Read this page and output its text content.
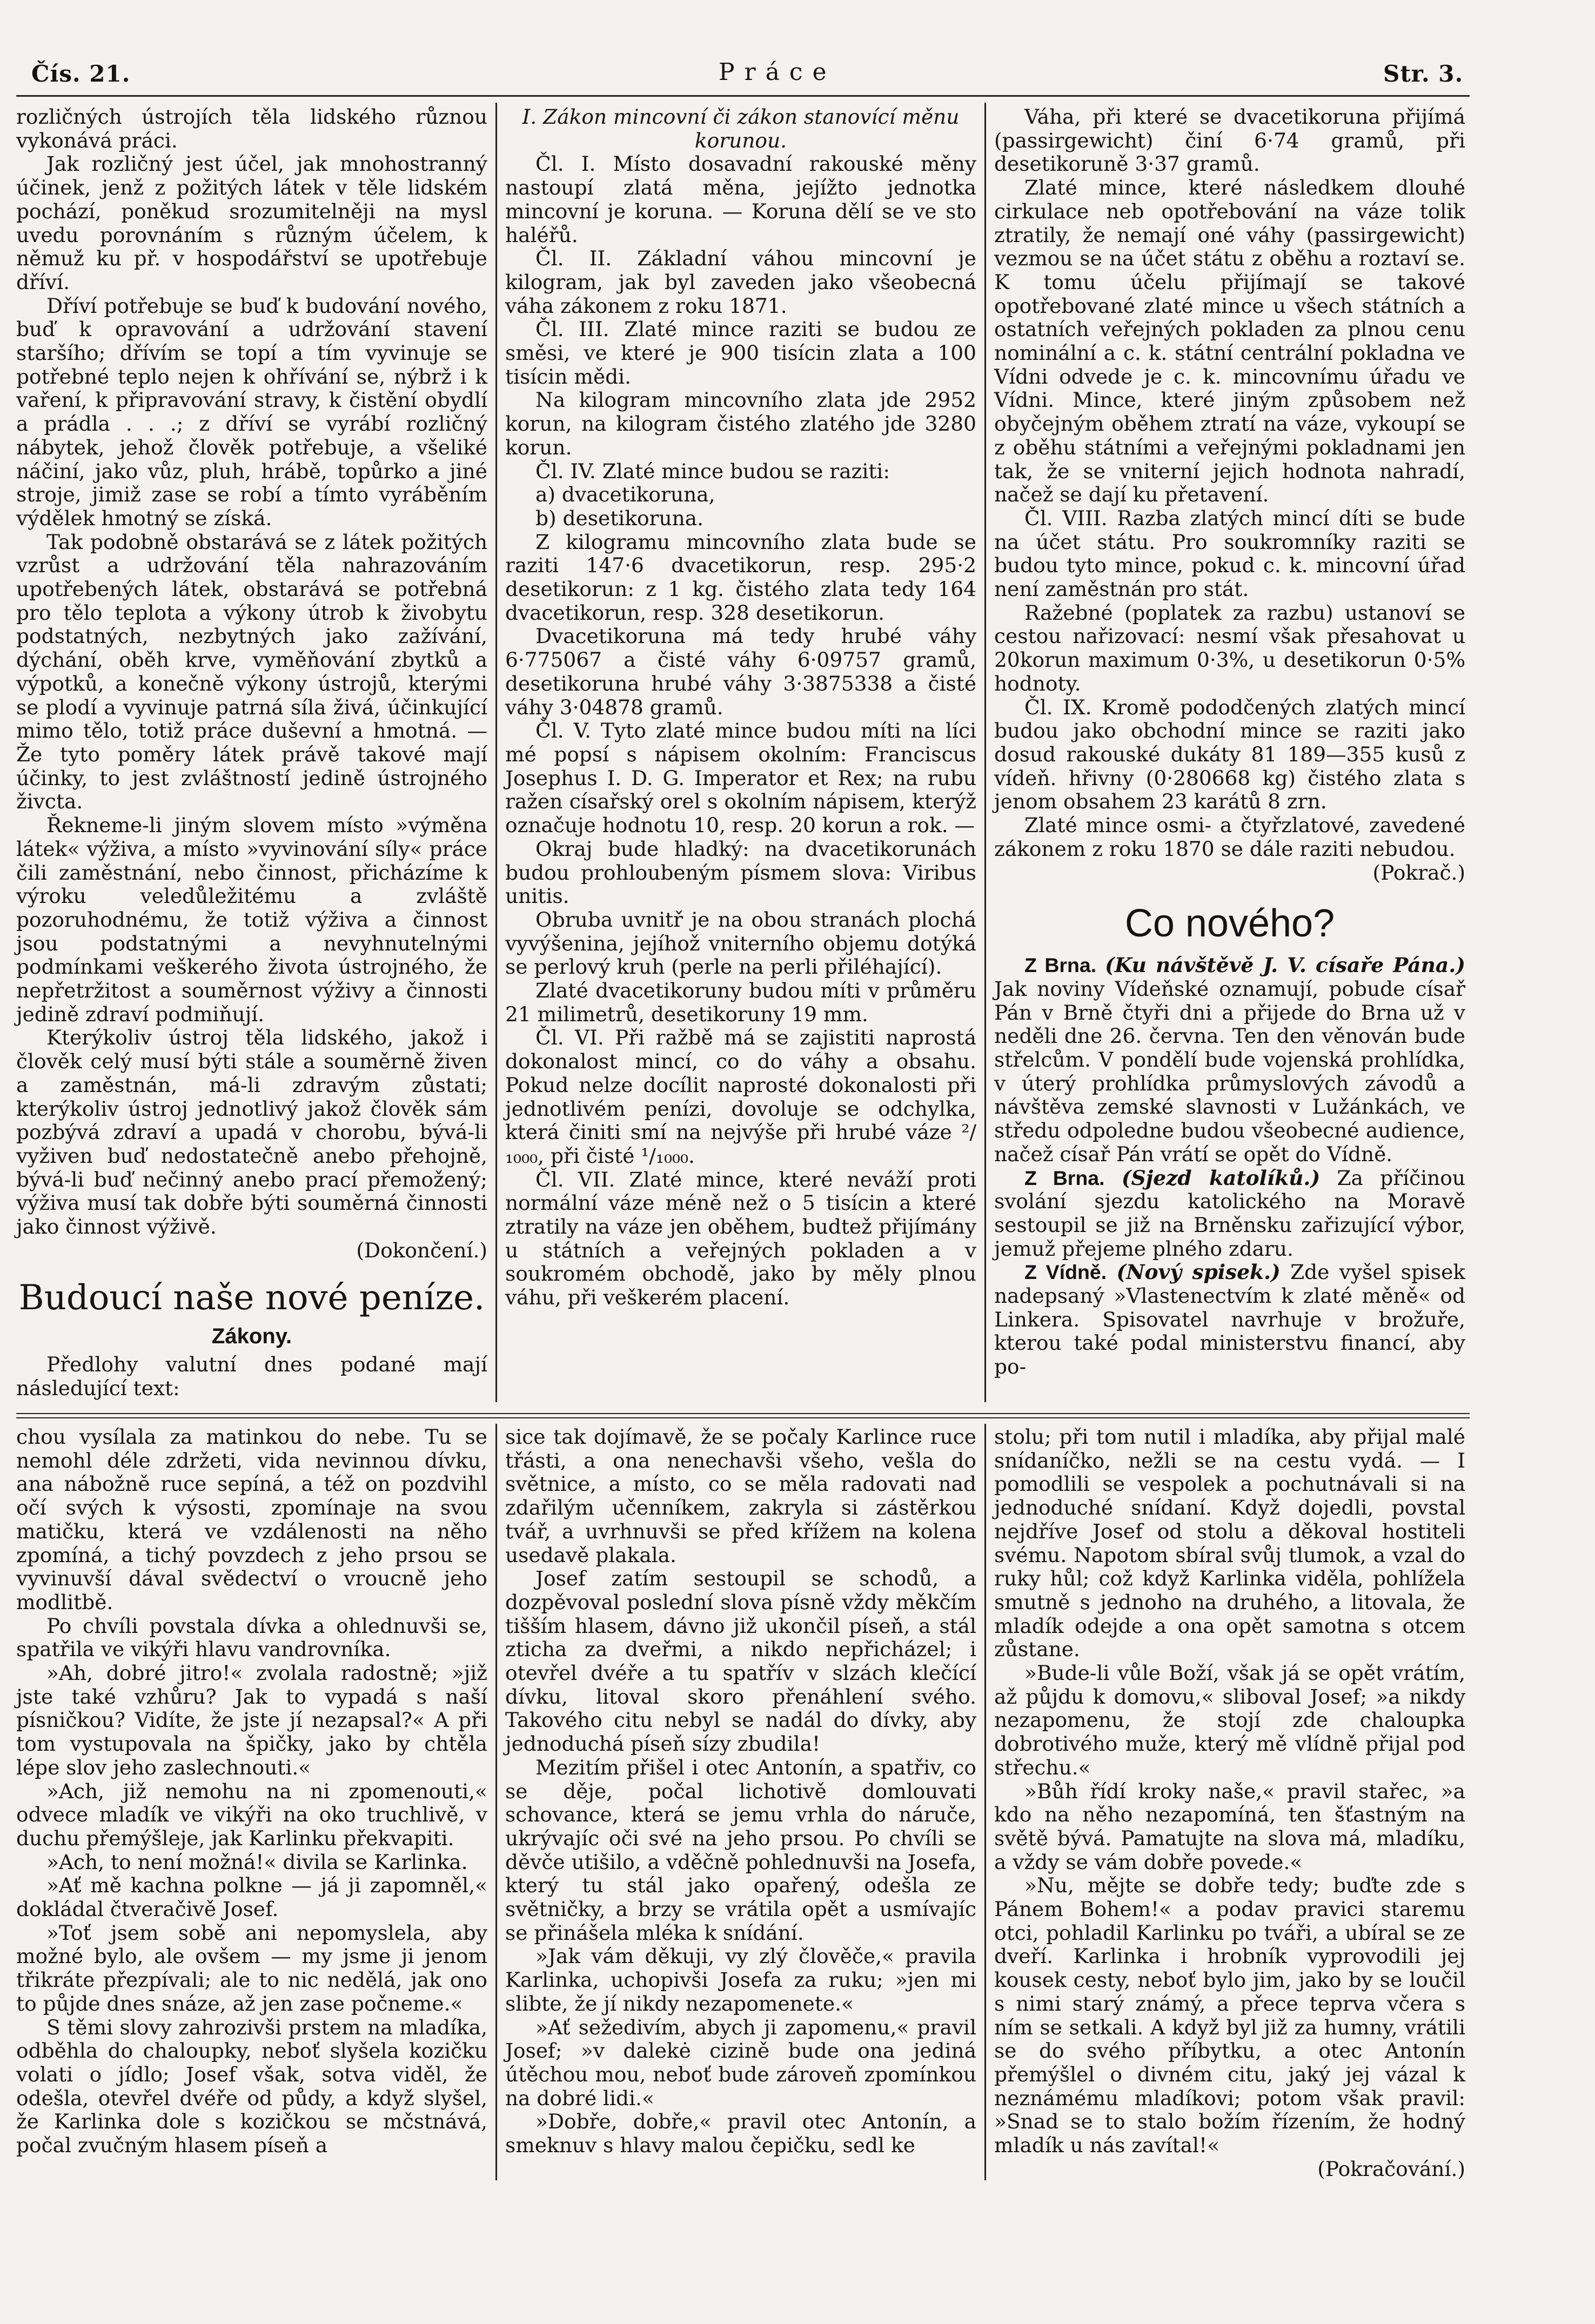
Čís. 21.	Práce	Str. 3.

rozličných ústrojích těla lidského různou vykonává práci.

Jak rozličný jest účel, jak mnohostranný účinek, jenž z požitých látek v těle lidském pochází, poněkud srozumitelněji na mysl uvedu porovnáním s různým účelem, k němuž ku př. v hospodářství se upotřebuje dříví.

Dříví potřebuje se buď k budování nového, buď k opravování a udržování stavení staršího; dřívím se topí a tím vyvinuje se potřebné teplo nejen k ohřívání se, nýbrž i k vaření, k připravování stravy, k čistění obydlí a prádla . . .; z dříví se vyrábí rozličný nábytek, jehož člověk potřebuje, a všeliké náčiní, jako vůz, pluh, hrábě, topůrko a jiné stroje, jimiž zase se robí a tímto vyráběním výdělek hmotný se získá.

Tak podobně obstarává se z látek požitých vzrůst a udržování těla nahrazováním upotřebených látek, obstarává se potřebná pro tělo teplota a výkony útrob k živobytu podstatných, nezbytných jako zažívání, dýchání, oběh krve, vyměňování zbytků a výpotků, a konečně výkony ústrojů, kterými se plodí a vyvinuje patrná síla živá, účinkující mimo tělo, totiž práce duševní a hmotná. — Že tyto poměry látek právě takové mají účinky, to jest zvláštností jedině ústrojného živcta.

Řekneme-li jiným slovem místo »výměna látek« výživa, a místo »vyvinování síly« práce čili zaměstnání, nebo činnost, přicházíme k výroku veledůležitému a zvláště pozoruhodnému, že totiž výživa a činnost jsou podstatnými a nevyhnutelnými podmínkami veškerého života ústrojného, že nepřetržitost a souměrnost výživy a činnosti jedině zdraví podmiňují.

Kterýkoliv ústroj těla lidského, jakož i člověk celý musí býti stále a souměrně živen a zaměstnán, má-li zdravým zůstati; kterýkoliv ústroj jednotlivý jakož člověk sám pozbývá zdraví a upadá v chorobu, bývá-li vyživen buď nedostatečně anebo přehojně, bývá-li buď nečinný anebo prací přemožený; výživa musí tak dobře býti souměrná činnosti jako činnost výživě.

(Dokončení.)

Budoucí naše nové peníze.
Zákony.

Předlohy valutní dnes podané mají následující text:

I. Zákon mincovní či zákon stanovící měnu korunou.

Čl. I. Místo dosavadní rakouské měny nastoupí zlatá měna, jejížto jednotka mincovní je koruna. — Koruna dělí se ve sto haléřů.

Čl. II. Základní váhou mincovní je kilogram, jak byl zaveden jako všeobecná váha zákonem z roku 1871.

Čl. III. Zlaté mince raziti se budou ze směsi, ve které je 900 tisícin zlata a 100 tisícin mědi.

Na kilogram mincovního zlata jde 2952 korun, na kilogram čistého zlatého jde 3280 korun.

Čl. IV. Zlaté mince budou se raziti:

a) dvacetikoruna,

b) desetikoruna.

Z kilogramu mincovního zlata bude se raziti 147·6 dvacetikorun, resp. 295·2 desetikorun: z 1 kg. čistého zlata tedy 164 dvacetikorun, resp. 328 desetikorun.

Dvacetikoruna má tedy hrubé váhy 6·775067 a čisté váhy 6·09757 gramů, desetikoruna hrubé váhy 3·3875338 a čisté váhy 3·04878 gramů.

Čl. V. Tyto zlaté mince budou míti na líci mé popsí s nápisem okolním: Franciscus Josephus I. D. G. Imperator et Rex; na rubu ražen císařský orel s okolním nápisem, kterýž označuje hodnotu 10, resp. 20 korun a rok. —

Okraj bude hladký: na dvacetikorunách budou prohloubeným písmem slova: Viribus unitis.

Obruba uvnitř je na obou stranách plochá vyvýšenina, jejíhož vniterního objemu dotýká se perlový kruh (perle na perli přiléhající).

Zlaté dvacetikoruny budou míti v průměru 21 milimetrů, desetikoruny 19 mm.

Čl. VI. Při ražbě má se zajistiti naprostá dokonalost mincí, co do váhy a obsahu. Pokud nelze docílit naprosté dokonalosti při jednotlivém penízi, dovoluje se odchylka, která činiti smí na nejvýše při hrubé váze ²/₁₀₀₀, při čisté ¹/₁₀₀₀.

Čl. VII. Zlaté mince, které neváží proti normální váze méně než o 5 tisícin a které ztratily na váze jen oběhem, budtež přijímány u státních a veřejných pokladen a v soukromém obchodě, jako by měly plnou váhu, při veškerém placení.

Váha, při které se dvacetikoruna přijímá (passirgewicht) činí 6·74 gramů, při desetikoruně 3·37 gramů.

Zlaté mince, které následkem dlouhé cirkulace neb opotřebování na váze tolik ztratily, že nemají oné váhy (passirgewicht) vezmou se na účet státu z oběhu a roztaví se. K tomu účelu přijímají se takové opotřebované zlaté mince u všech státních a ostatních veřejných pokladen za plnou cenu nominální a c. k. státní centrální pokladna ve Vídni odvede je c. k. mincovnímu úřadu ve Vídni. Mince, které jiným způsobem než obyčejným oběhem ztratí na váze, vykoupí se z oběhu státními a veřejnými pokladnami jen tak, že se vniterní jejich hodnota nahradí, načež se dají ku přetavení.

Čl. VIII. Razba zlatých mincí díti se bude na účet státu. Pro soukromníky raziti se budou tyto mince, pokud c. k. mincovní úřad není zaměstnán pro stát.

Ražebné (poplatek za razbu) ustanoví se cestou nařizovací: nesmí však přesahovat u 20korun maximum 0·3%, u desetikorun 0·5% hodnoty.

Čl. IX. Kromě pododčených zlatých mincí budou jako obchodní mince se raziti jako dosud rakouské dukáty 81 189—355 kusů z vídeň. hřivny (0·280668 kg) čistého zlata s jenom obsahem 23 karátů 8 zrn.

Zlaté mince osmi- a čtyřzlatové, zavedené zákonem z roku 1870 se dále raziti nebudou.

(Pokrač.)

Co nového?

Z Brna. (Ku návštěvě J. V. císaře Pána.) Jak noviny Vídeňské oznamují, pobude císař Pán v Brně čtyři dni a přijede do Brna už v neděli dne 26. června. Ten den věnován bude střelcům. V pondělí bude vojenská prohlídka, v úterý prohlídka průmyslových závodů a návštěva zemské slavnosti v Lužánkách, ve středu odpoledne budou všeobecné audience, načež císař Pán vrátí se opět do Vídně.

Z Brna. (Sjezd katolíků.) Za příčinou svolání sjezdu katolického na Moravě sestoupil se již na Brněnsku zařizující výbor, jemuž přejeme plného zdaru.

Z Vídně. (Nový spisek.) Zde vyšel spisek nadepsaný »Vlastenectvím k zlaté měně« od Linkera. Spisovatel navrhuje v brožuře, kterou také podal ministerstvu financí, aby po-

chou vysílala za matinkou do nebe. Tu se nemohl déle zdržeti, vida nevinnou dívku, ana nábožně ruce sepíná, a též on pozdvihl očí svých k výsosti, zpomínaje na svou matičku, která ve vzdálenosti na něho zpomíná, a tichý povzdech z jeho prsou se vyvinuvší dával svědectví o vroucně jeho modlitbě.

Po chvíli povstala dívka a ohlednuvši se, spatřila ve vikýři hlavu vandrovníka.

»Ah, dobré jitro!« zvolala radostně; »již jste také vzhůru? Jak to vypadá s naší písničkou? Vidíte, že jste jí nezapsal?« A při tom vystupovala na špičky, jako by chtěla lépe slov jeho zaslechnouti.«

»Ach, již nemohu na ni zpomenouti,« odvece mladík ve vikýři na oko truchlivě, v duchu přemýšleje, jak Karlinku překvapiti.

»Ach, to není možná!« divila se Karlinka.

»Ať mě kachna polkne — já ji zapomněl,« dokládal čtveračivě Josef.

»Toť jsem sobě ani nepomyslela, aby možné bylo, ale ovšem — my jsme ji jenom třikráte přezpívali; ale to nic nedělá, jak ono to půjde dnes snáze, až jen zase počneme.«

S těmi slovy zahrozivši prstem na mladíka, odběhla do chaloupky, neboť slyšela kozičku volati o jídlo; Josef však, sotva viděl, že odešla, otevřel dvéře od půdy, a když slyšel, že Karlinka dole s kozičkou se mčstnává, počal zvučným hlasem píseň a

sice tak dojímavě, že se počaly Karlince ruce třásti, a ona nenechavši všeho, vešla do světnice, a místo, co se měla radovati nad zdařilým učenníkem, zakryla si zástěrkou tvář, a uvrhnuvši se před křížem na kolena usedavě plakala.

Josef zatím sestoupil se schodů, a dozpěvoval poslední slova písně vždy měkčím tišším hlasem, dávno již ukončil píseň, a stál zticha za dveřmi, a nikdo nepřicházel; i otevřel dvéře a tu spatřív v slzách klečící dívku, litoval skoro přenáhlení svého. Takového citu nebyl se nadál do dívky, aby jednoduchá píseň sízy zbudila!

Mezitím přišel i otec Antonín, a spatřiv, co se děje, počal lichotivě domlouvati schovance, která se jemu vrhla do náruče, ukrývajíc oči své na jeho prsou. Po chvíli se děvče utišilo, a vděčně pohlednuvši na Josefa, který tu stál jako opařený, odešla ze světničky, a brzy se vrátila opět a usmívajíc se přinášela mléka k snídání.

»Jak vám děkuji, vy zlý člověče,« pravila Karlinka, uchopivši Josefa za ruku; »jen mi slibte, že jí nikdy nezapomenete.«

»Ať sežedivím, abych ji zapomenu,« pravil Josef; »v dalekė cizině bude ona jediná útěchou mou, neboť bude zároveň zpomínkou na dobré lidi.«

»Dobře, dobře,« pravil otec Antonín, a smeknuv s hlavy malou čepičku, sedl ke

stolu; při tom nutil i mladíka, aby přijal malé snídaníčko, nežli se na cestu vydá. — I pomodlili se vespolek a pochutnávali si na jednoduché snídaní. Když dojedli, povstal nejdříve Josef od stolu a děkoval hostiteli svému. Napotom sbíral svůj tlumok, a vzal do ruky hůl; což když Karlinka viděla, pohlížela smutně s jednoho na druhého, a litovala, že mladík odejde a ona opět samotna s otcem zůstane.

»Bude-li vůle Boží, však já se opět vrátím, až půjdu k domovu,« sliboval Josef; »a nikdy nezapomenu, že stojí zde chaloupka dobrotivého muže, který mě vlídně přijal pod střechu.«

»Bůh řídí kroky naše,« pravil stařec, »a kdo na něho nezapomíná, ten šťastným na světě bývá. Pamatujte na slova má, mladíku, a vždy se vám dobře povede.«

»Nu, mějte se dobře tedy; buďte zde s Pánem Bohem!« a podav pravici staremu otci, pohladil Karlinku po tváři, a ubíral se ze dveří. Karlinka i hrobník vyprovodili jej kousek cesty, neboť bylo jim, jako by se loučil s nimi starý známý, a přece teprva včera s ním se setkali. A když byl již za humny, vrátili se do svého příbytku, a otec Antonín přemýšlel o divném citu, jaký jej vázal k neznámému mladíkovi; potom však pravil: »Snad se to stalo božím řízením, že hodný mladík u nás zavítal!«

(Pokračování.)
